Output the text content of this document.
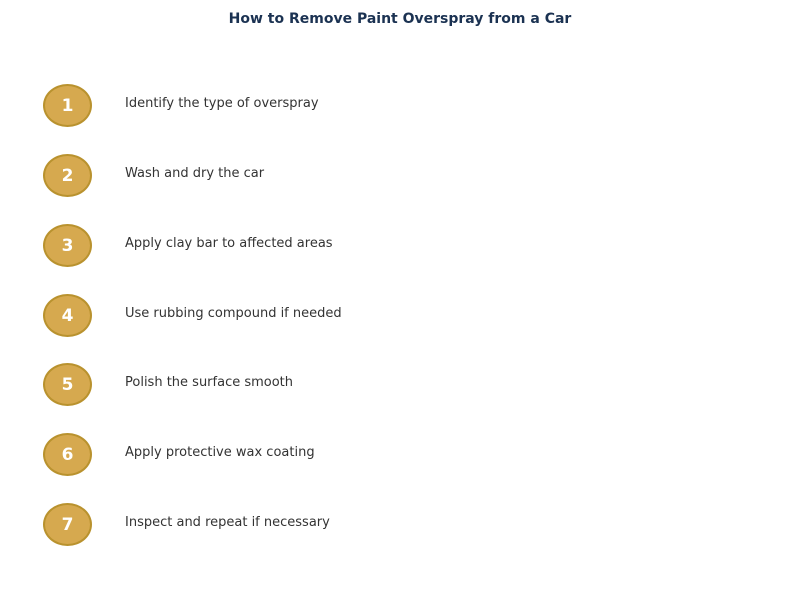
How to Remove Paint Overspray from a Car
1	Identify the type of overspray
2	Wash and dry the car
3	Apply clay bar to affected areas
4	Use rubbing compound if needed
5	Polish the surface smooth
6	Apply protective wax coating
7	Inspect and repeat if necessary
